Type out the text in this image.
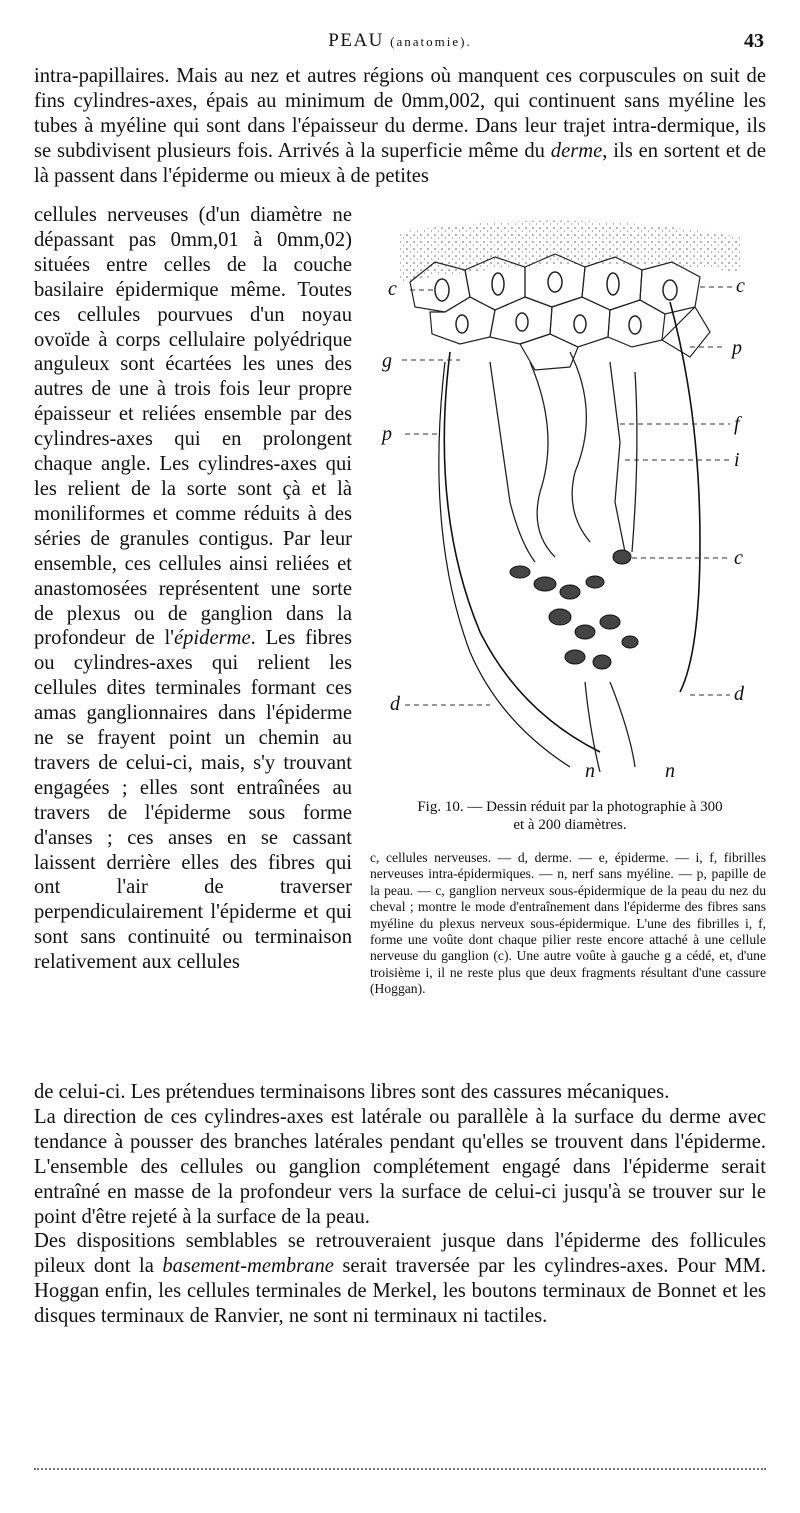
PEAU (anatomie).	43

intra-papillaires. Mais au nez et autres régions où manquent ces corpuscules on suit de fins cylindres-axes, épais au minimum de 0mm,002, qui continuent sans myéline les tubes à myéline qui sont dans l'épaisseur du derme. Dans leur trajet intra-dermique, ils se subdivisent plusieurs fois. Arrivés à la superficie même du derme, ils en sortent et de là passent dans l'épiderme ou mieux à de petites

cellules nerveuses (d'un diamètre ne dépassant pas 0mm,01 à 0mm,02) situées entre celles de la couche basilaire épidermique même. Toutes ces cellules pourvues d'un noyau ovoïde à corps cellulaire polyédrique anguleux sont écartées les unes des autres de une à trois fois leur propre épaisseur et reliées ensemble par des cylindres-axes qui en prolongent chaque angle. Les cylindres-axes qui les relient de la sorte sont çà et là moniliformes et comme réduits à des séries de granules contigus. Par leur ensemble, ces cellules ainsi reliées et anastomosées représentent une sorte de plexus ou de ganglion dans la profondeur de l'épiderme. Les fibres ou cylindres-axes qui relient les cellules dites terminales formant ces amas ganglionnaires dans l'épiderme ne se frayent point un chemin au travers de celui-ci, mais, s'y trouvant engagées ; elles sont entraînées au travers de l'épiderme sous forme d'anses ; ces anses en se cassant laissent derrière elles des fibres qui ont l'air de traverser perpendiculairement l'épiderme et qui sont sans continuité ou terminaison relativement aux cellules

c	c
g
p
p	f
i
c
d	d
n	n
Fig. 10. — Dessin réduit par la photographie à 300
et à 200 diamètres.
c, cellules nerveuses. — d, derme. — e, épiderme. — i, f, fibrilles nerveuses intra-épidermiques. — n, nerf sans myéline. — p, papille de la peau. — c, ganglion nerveux sous-épidermique de la peau du nez du cheval ; montre le mode d'entraînement dans l'épiderme des fibres sans myéline du plexus nerveux sous-épidermique. L'une des fibrilles i, f, forme une voûte dont chaque pilier reste encore attaché à une cellule nerveuse du ganglion (c). Une autre voûte à gauche g a cédé, et, d'une troisième i, il ne reste plus que deux fragments résultant d'une cassure (Hoggan).

de celui-ci. Les prétendues terminaisons libres sont des cassures mécaniques.

La direction de ces cylindres-axes est latérale ou parallèle à la surface du derme avec tendance à pousser des branches latérales pendant qu'elles se trouvent dans l'épiderme. L'ensemble des cellules ou ganglion complétement engagé dans l'épiderme serait entraîné en masse de la profondeur vers la surface de celui-ci jusqu'à se trouver sur le point d'être rejeté à la surface de la peau.

Des dispositions semblables se retrouveraient jusque dans l'épiderme des follicules pileux dont la basement-membrane serait traversée par les cylindres-axes. Pour MM. Hoggan enfin, les cellules terminales de Merkel, les boutons terminaux de Bonnet et les disques terminaux de Ranvier, ne sont ni terminaux ni tactiles.
